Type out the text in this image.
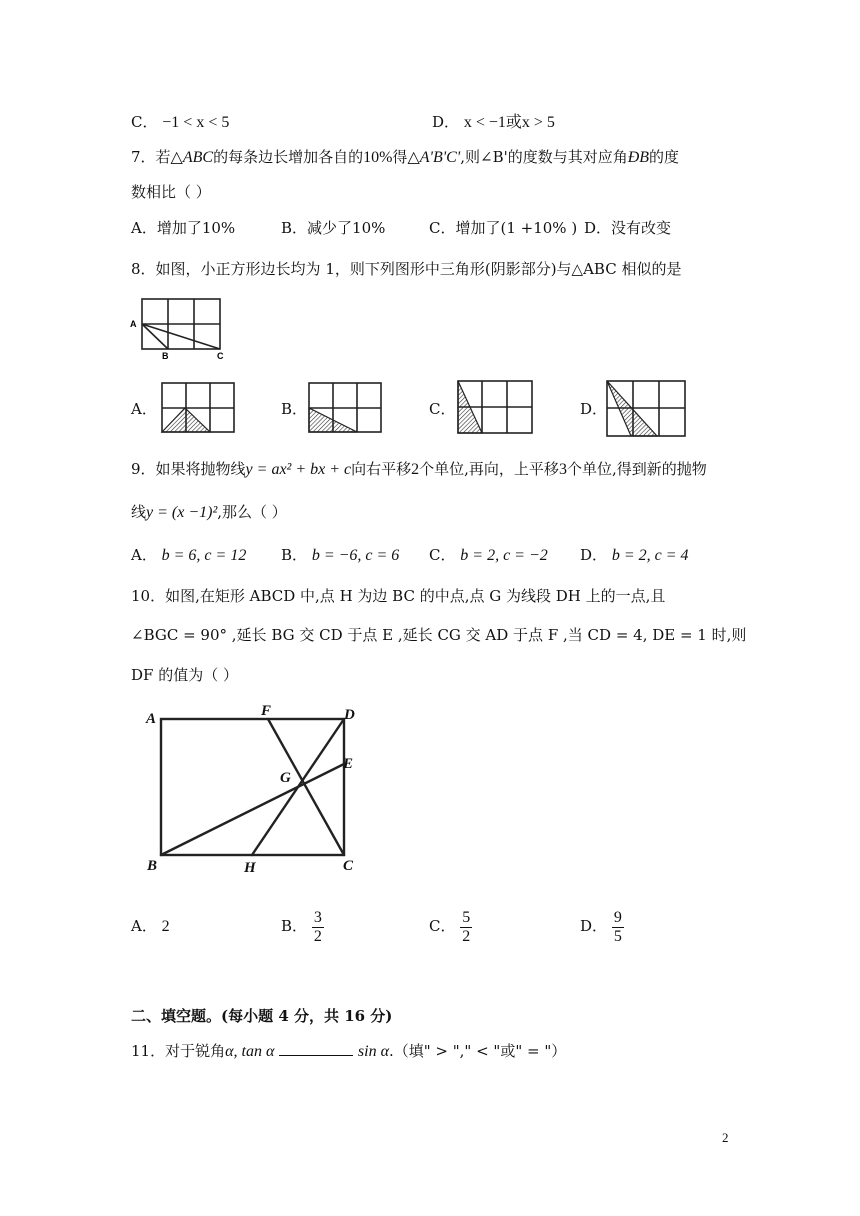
C． −1 < x < 5	D． x < −1或x > 5
7．若△ABC的每条边长增加各自的10%得△A'B'C',则∠B'的度数与其对应角ÐB的度
数相比（ ）
A．增加了10%	B．减少了10%	C．增加了(1 +10% ) D．没有改变
8．如图，小正方形边长均为 1，则下列图形中三角形(阴影部分)与△ABC 相似的是
A
B	C
A．	B．	C．	D．
9．如果将抛物线y = ax² + bx + c向右平移2个单位,再向，上平移3个单位,得到新的抛物
线y = (x −1)²,那么（ ）
A． b = 6, c = 12 B． b = −6, c = 6 C． b = 2, c = −2 D． b = 2, c = 4
10．如图,在矩形 ABCD 中,点 H 为边 BC 的中点,点 G 为线段 DH 上的一点,且
∠BGC = 90° ,延长 BG 交 CD 于点 E ,延长 CG 交 AD 于点 F ,当 CD = 4, DE = 1 时,则
DF 的值为（ ）
A	F	D
E
G
B	H	C
A． 2	B． $\frac{3}{2}$	C． $\frac{5}{2}$	D． $\frac{9}{5}$
二、填空题。(每小题 4 分，共 16 分)
11．对于锐角α, tan α	sin α.（填" > "," < "或" = "）
2
